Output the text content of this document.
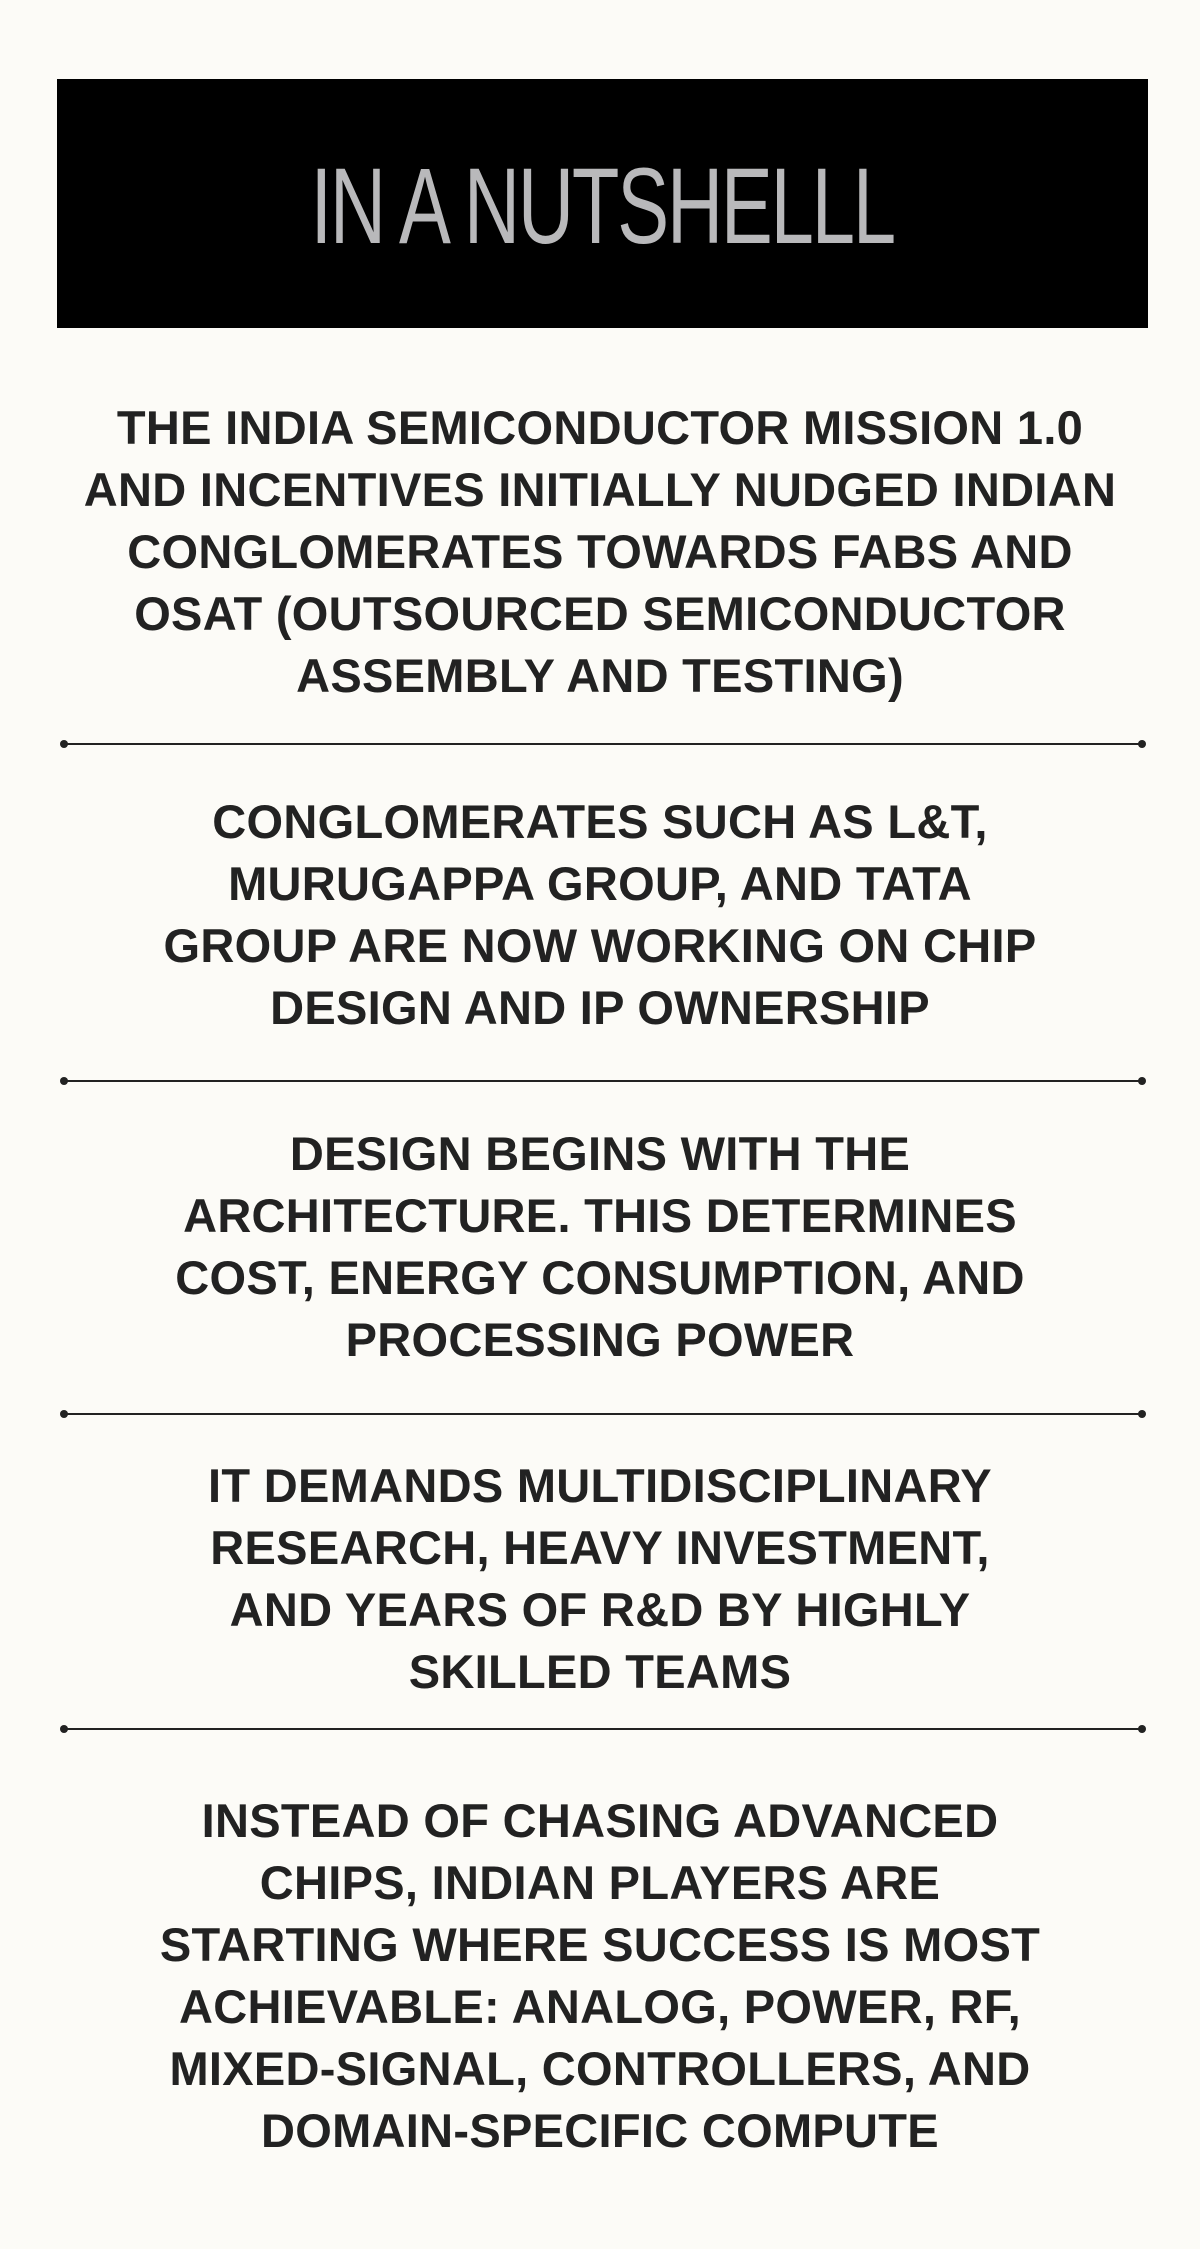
IN A NUTSHELLL

THE INDIA SEMICONDUCTOR MISSION 1.0
AND INCENTIVES INITIALLY NUDGED INDIAN
CONGLOMERATES TOWARDS FABS AND
OSAT (OUTSOURCED SEMICONDUCTOR
ASSEMBLY AND TESTING)

CONGLOMERATES SUCH AS L&T,
MURUGAPPA GROUP, AND TATA
GROUP ARE NOW WORKING ON CHIP
DESIGN AND IP OWNERSHIP

DESIGN BEGINS WITH THE
ARCHITECTURE. THIS DETERMINES
COST, ENERGY CONSUMPTION, AND
PROCESSING POWER

IT DEMANDS MULTIDISCIPLINARY
RESEARCH, HEAVY INVESTMENT,
AND YEARS OF R&D BY HIGHLY
SKILLED TEAMS

INSTEAD OF CHASING ADVANCED
CHIPS, INDIAN PLAYERS ARE
STARTING WHERE SUCCESS IS MOST
ACHIEVABLE: ANALOG, POWER, RF,
MIXED-SIGNAL, CONTROLLERS, AND
DOMAIN-SPECIFIC COMPUTE
